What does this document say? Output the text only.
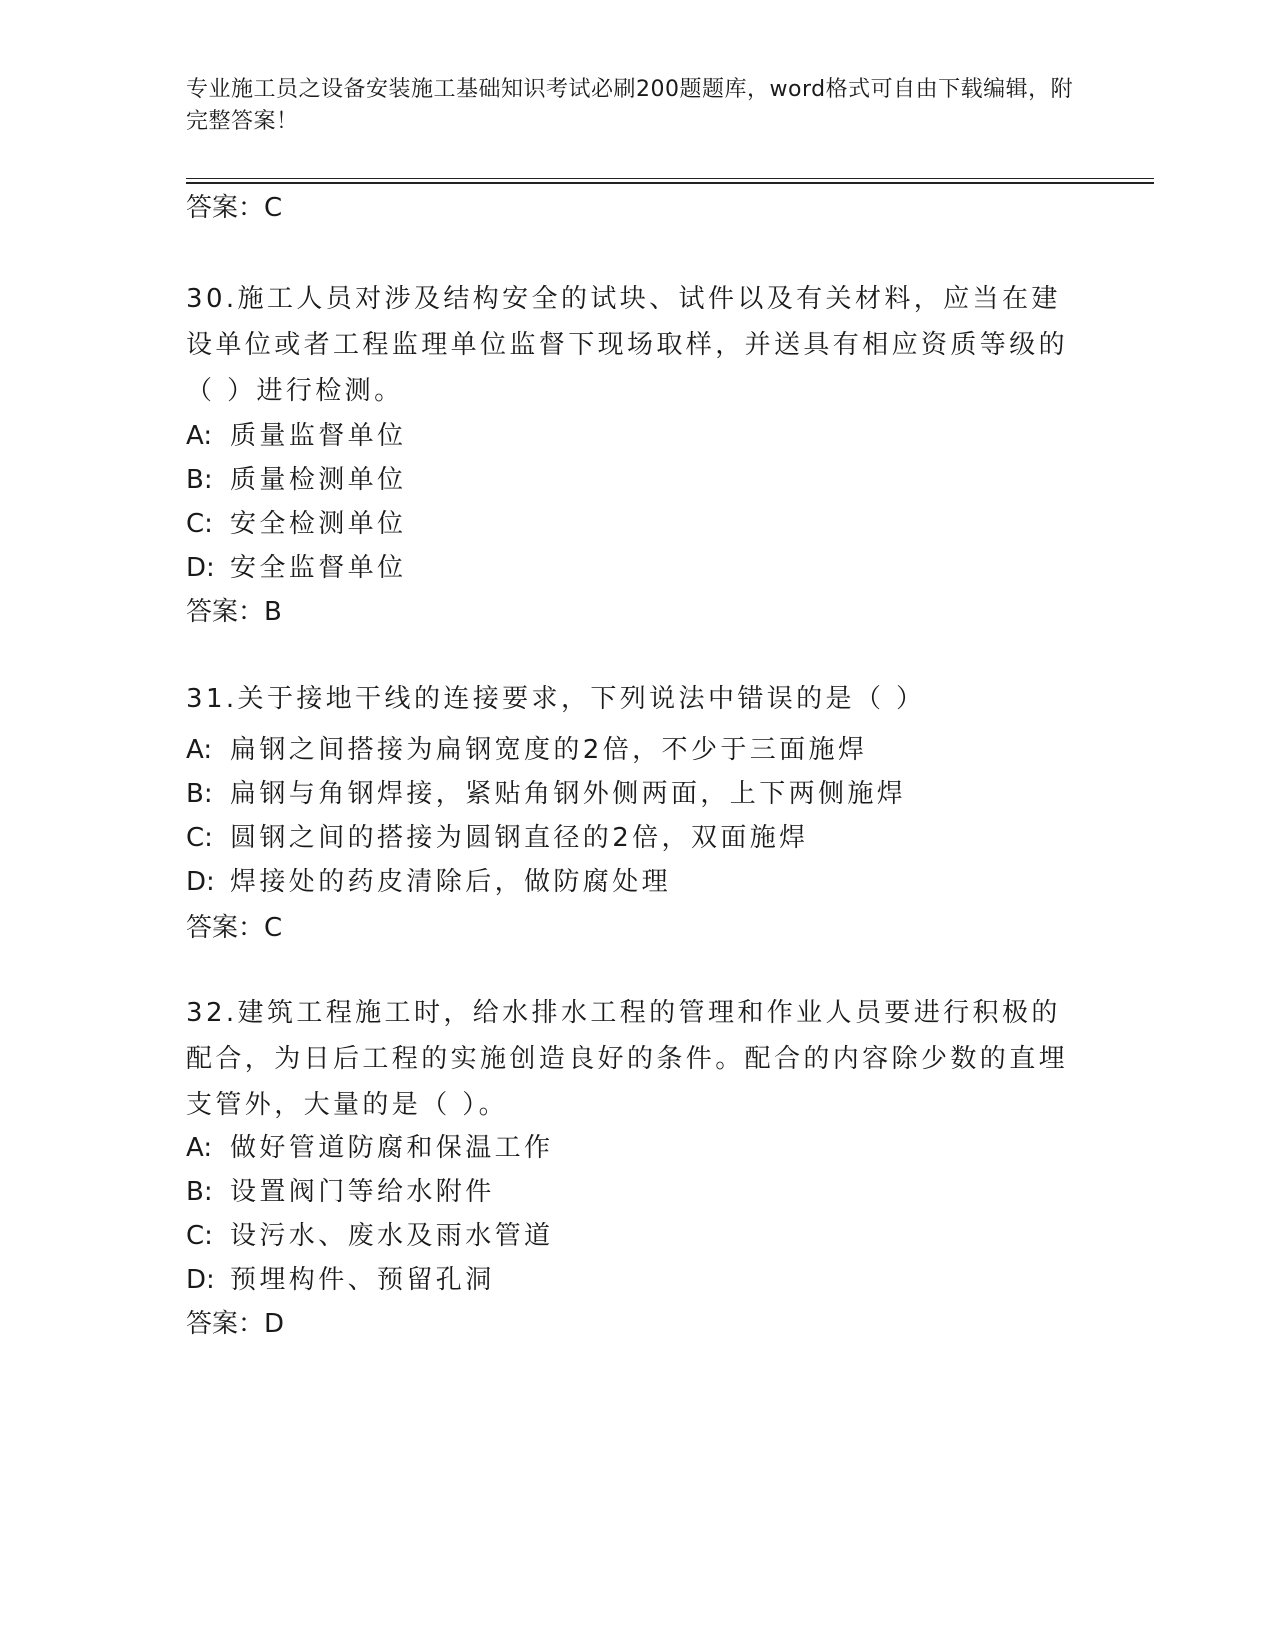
专业施工员之设备安装施工基础知识考试必刷200题题库，word格式可自由下载编辑，附完整答案！
答案：C
30.施工人员对涉及结构安全的试块、试件以及有关材料，应当在建设单位或者工程监理单位监督下现场取样，并送具有相应资质等级的（ ）进行检测。
A: 质量监督单位
B: 质量检测单位
C: 安全检测单位
D: 安全监督单位
答案：B
31.关于接地干线的连接要求，下列说法中错误的是（ ）
A: 扁钢之间搭接为扁钢宽度的2倍，不少于三面施焊
B: 扁钢与角钢焊接，紧贴角钢外侧两面，上下两侧施焊
C: 圆钢之间的搭接为圆钢直径的2倍，双面施焊
D: 焊接处的药皮清除后，做防腐处理
答案：C
32.建筑工程施工时，给水排水工程的管理和作业人员要进行积极的配合，为日后工程的实施创造良好的条件。配合的内容除少数的直埋支管外，大量的是（ ）。
A: 做好管道防腐和保温工作
B: 设置阀门等给水附件
C: 设污水、废水及雨水管道
D: 预埋构件、预留孔洞
答案：D
